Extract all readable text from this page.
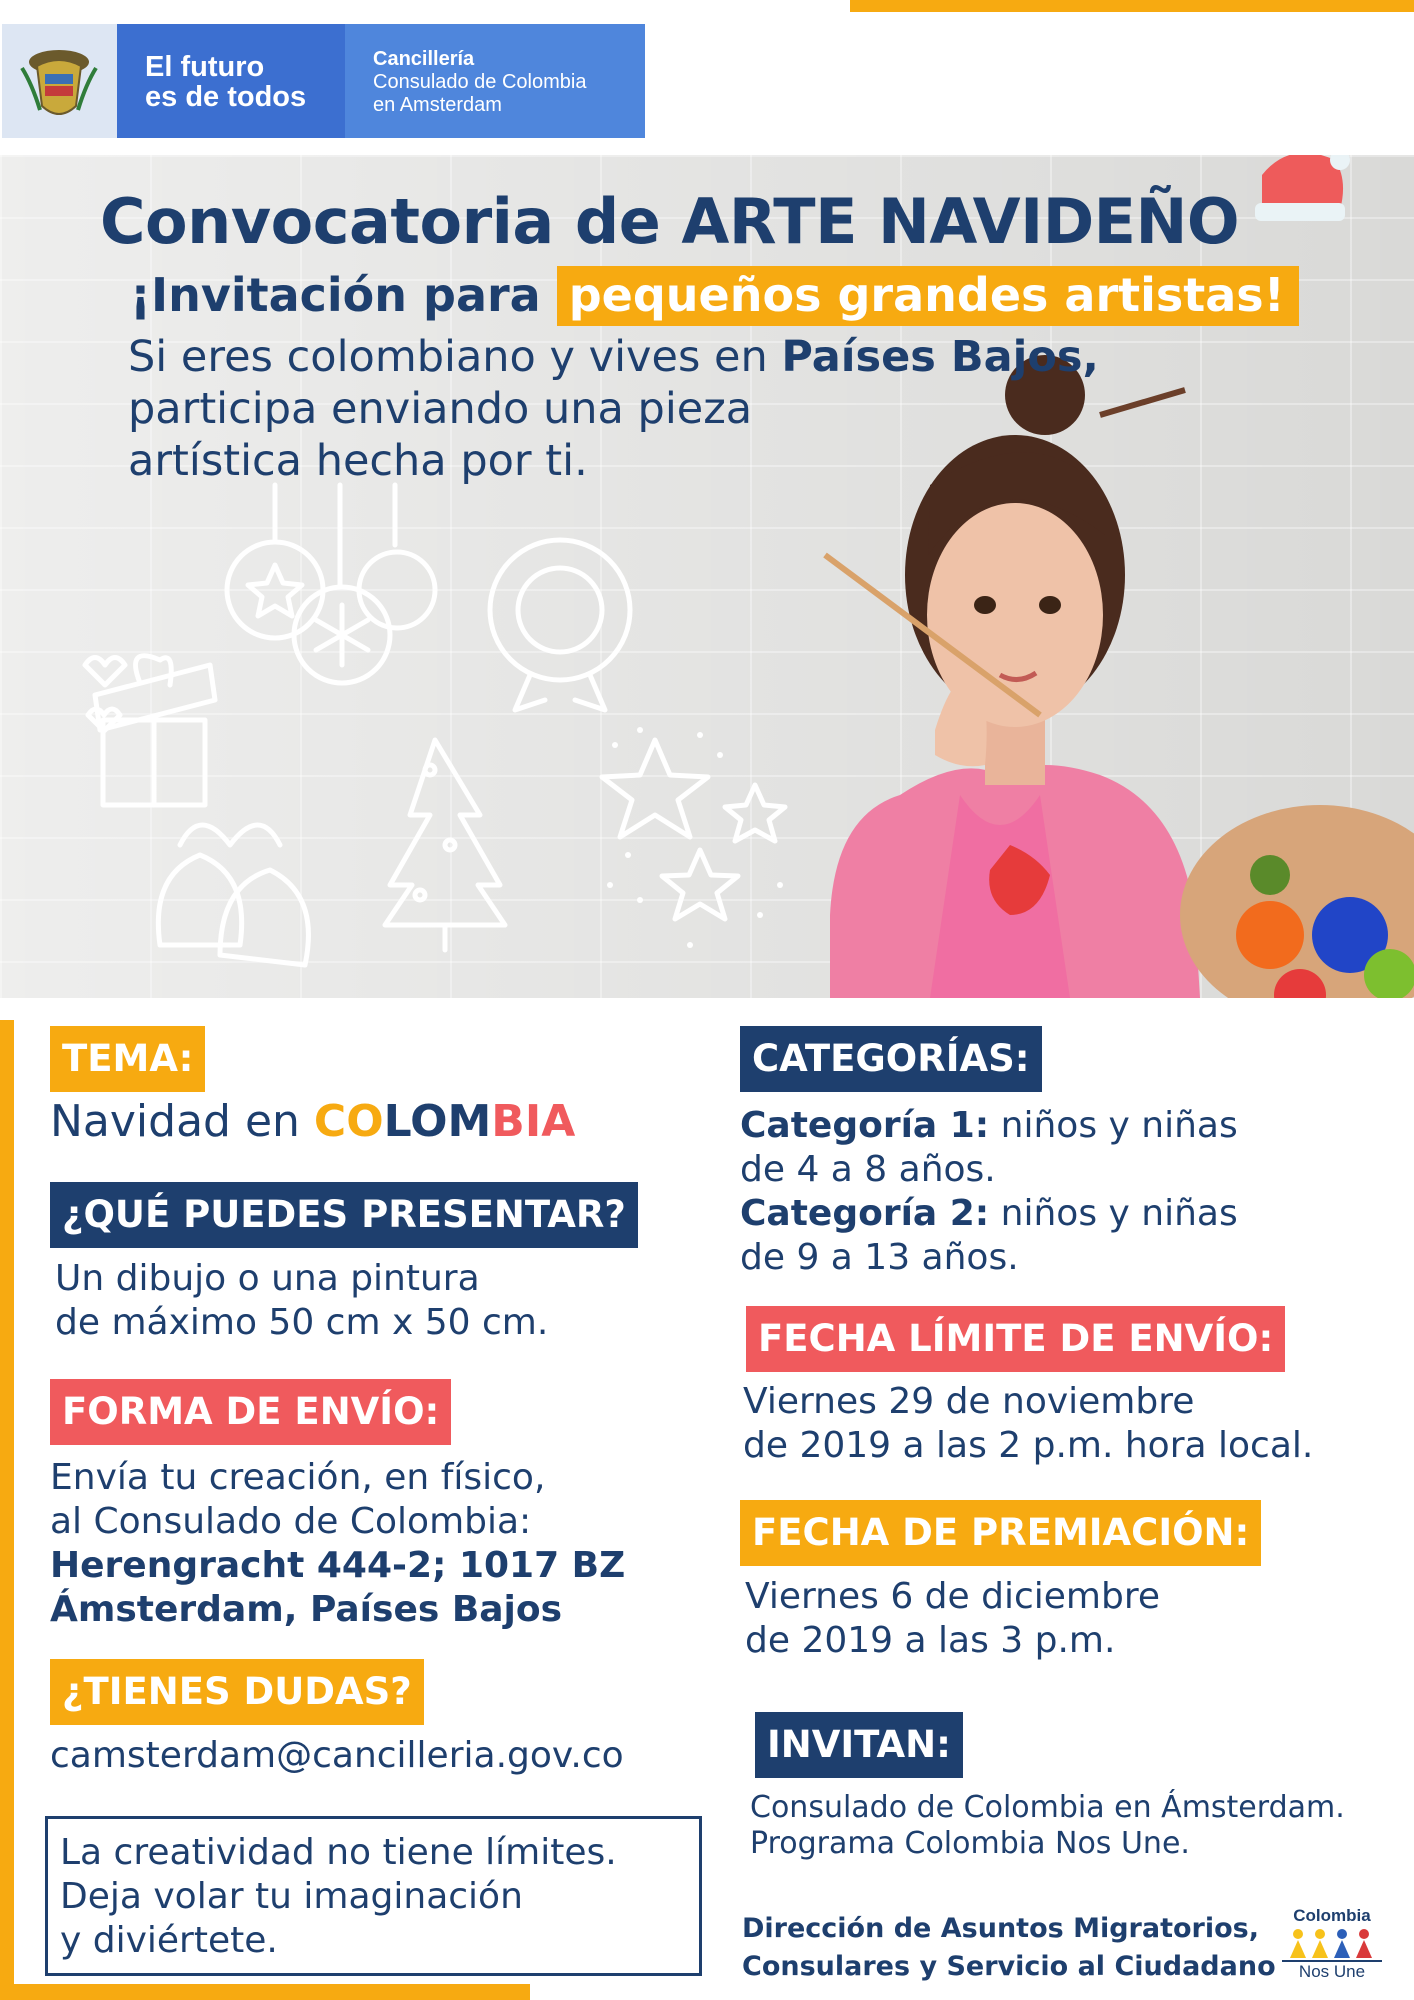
El futuro
es de todos
Cancillería
Consulado de Colombia
en Amsterdam
Convocatoria de ARTE NAVIDEÑO
¡Invitación para pequeños grandes artistas!
Si eres colombiano y vives en Países Bajos,
participa enviando una pieza
artística hecha por ti.
TEMA:
Navidad en COLOMBIA
¿QUÉ PUEDES PRESENTAR?
Un dibujo o una pintura
de máximo 50 cm x 50 cm.
FORMA DE ENVÍO:
Envía tu creación, en físico,
al Consulado de Colombia:
Herengracht 444-2; 1017 BZ
Ámsterdam, Países Bajos
¿TIENES DUDAS?
camsterdam@cancilleria.gov.co
La creatividad no tiene límites.
Deja volar tu imaginación
y diviértete.
CATEGORÍAS:
Categoría 1: niños y niñas
de 4 a 8 años.
Categoría 2: niños y niñas
de 9 a 13 años.
FECHA LÍMITE DE ENVÍO:
Viernes 29 de noviembre
de 2019 a las 2 p.m. hora local.
FECHA DE PREMIACIÓN:
Viernes 6 de diciembre
de 2019 a las 3 p.m.
INVITAN:
Consulado de Colombia en Ámsterdam.
Programa Colombia Nos Une.
Dirección de Asuntos Migratorios,
Consulares y Servicio al Ciudadano
Colombia
Nos Une
